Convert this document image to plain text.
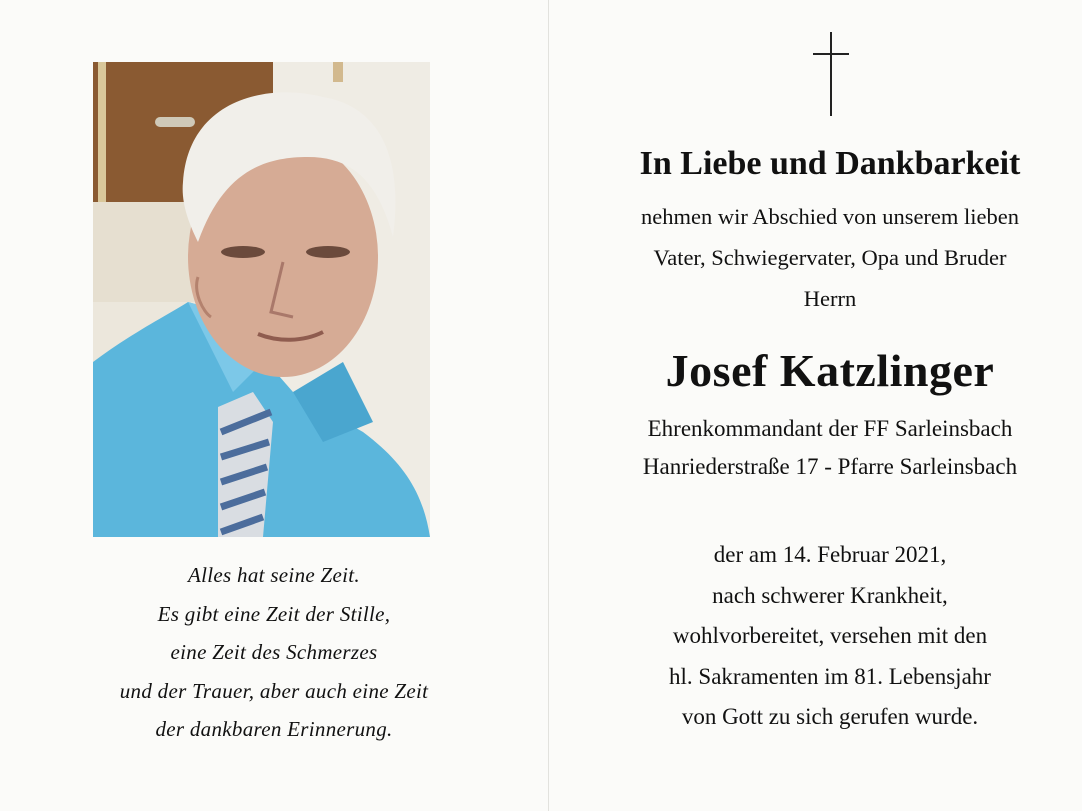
Alles hat seine Zeit.
Es gibt eine Zeit der Stille,
eine Zeit des Schmerzes
und der Trauer, aber auch eine Zeit
der dankbaren Erinnerung.
In Liebe und Dankbarkeit
nehmen wir Abschied von unserem lieben
Vater, Schwiegervater, Opa und Bruder
Herrn
Josef Katzlinger
Ehrenkommandant der FF Sarleinsbach
Hanriederstraße 17 - Pfarre Sarleinsbach
der am 14. Februar 2021,
nach schwerer Krankheit,
wohlvorbereitet, versehen mit den
hl. Sakramenten im 81. Lebensjahr
von Gott zu sich gerufen wurde.
